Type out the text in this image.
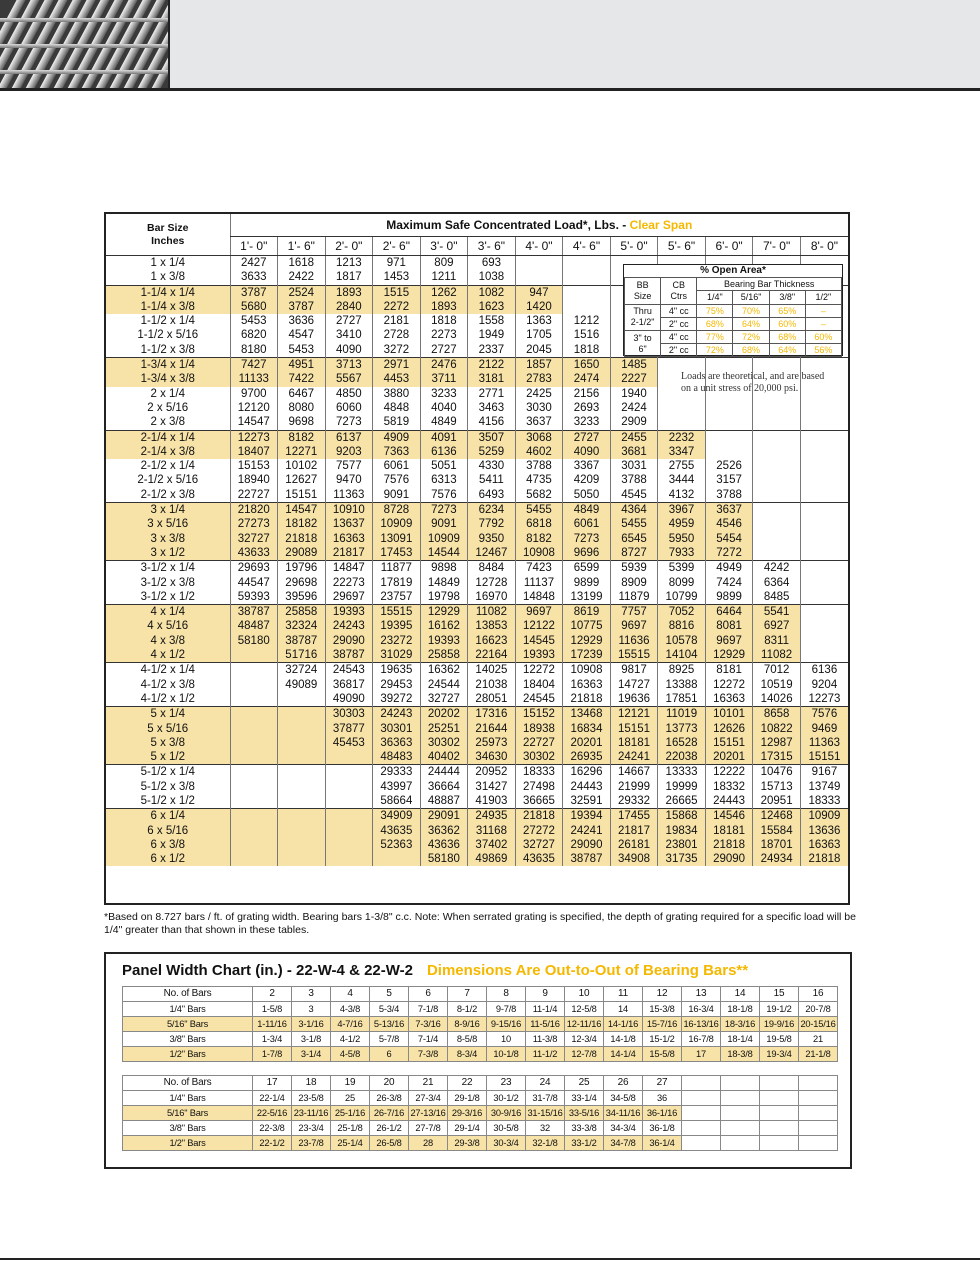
Bar Size
Inches	Maximum Safe Concentrated Load*, Lbs. - Clear Span												
	1'- 0"	1'- 6"	2'- 0"	2'- 6"	3'- 0"	3'- 6"	4'- 0"	4'- 6"	5'- 0"	5'- 6"	6'- 0"	7'- 0"	8'- 0"
1 x 1/4	2427	1618	1213	971	809	693							
1 x 3/8	3633	2422	1817	1453	1211	1038							
1-1/4 x 1/4	3787	2524	1893	1515	1262	1082	947						
1-1/4 x 3/8	5680	3787	2840	2272	1893	1623	1420						
1-1/2 x 1/4	5453	3636	2727	2181	1818	1558	1363	1212					
1-1/2 x 5/16	6820	4547	3410	2728	2273	1949	1705	1516					
1-1/2 x 3/8	8180	5453	4090	3272	2727	2337	2045	1818					
1-3/4 x 1/4	7427	4951	3713	2971	2476	2122	1857	1650	1485				
1-3/4 x 3/8	11133	7422	5567	4453	3711	3181	2783	2474	2227				
2 x 1/4	9700	6467	4850	3880	3233	2771	2425	2156	1940				
2 x 5/16	12120	8080	6060	4848	4040	3463	3030	2693	2424				
2 x 3/8	14547	9698	7273	5819	4849	4156	3637	3233	2909				
2-1/4 x 1/4	12273	8182	6137	4909	4091	3507	3068	2727	2455	2232			
2-1/4 x 3/8	18407	12271	9203	7363	6136	5259	4602	4090	3681	3347			
2-1/2 x 1/4	15153	10102	7577	6061	5051	4330	3788	3367	3031	2755	2526		
2-1/2 x 5/16	18940	12627	9470	7576	6313	5411	4735	4209	3788	3444	3157		
2-1/2 x 3/8	22727	15151	11363	9091	7576	6493	5682	5050	4545	4132	3788		
3 x 1/4	21820	14547	10910	8728	7273	6234	5455	4849	4364	3967	3637		
3 x 5/16	27273	18182	13637	10909	9091	7792	6818	6061	5455	4959	4546		
3 x 3/8	32727	21818	16363	13091	10909	9350	8182	7273	6545	5950	5454		
3 x 1/2	43633	29089	21817	17453	14544	12467	10908	9696	8727	7933	7272		
3-1/2 x 1/4	29693	19796	14847	11877	9898	8484	7423	6599	5939	5399	4949	4242	
3-1/2 x 3/8	44547	29698	22273	17819	14849	12728	11137	9899	8909	8099	7424	6364	
3-1/2 x 1/2	59393	39596	29697	23757	19798	16970	14848	13199	11879	10799	9899	8485	
4 x 1/4	38787	25858	19393	15515	12929	11082	9697	8619	7757	7052	6464	5541	
4 x 5/16	48487	32324	24243	19395	16162	13853	12122	10775	9697	8816	8081	6927	
4 x 3/8	58180	38787	29090	23272	19393	16623	14545	12929	11636	10578	9697	8311	
4 x 1/2		51716	38787	31029	25858	22164	19393	17239	15515	14104	12929	11082	
4-1/2 x 1/4		32724	24543	19635	16362	14025	12272	10908	9817	8925	8181	7012	6136
4-1/2 x 3/8		49089	36817	29453	24544	21038	18404	16363	14727	13388	12272	10519	9204
4-1/2 x 1/2			49090	39272	32727	28051	24545	21818	19636	17851	16363	14026	12273
5 x 1/4			30303	24243	20202	17316	15152	13468	12121	11019	10101	8658	7576
5 x 5/16			37877	30301	25251	21644	18938	16834	15151	13773	12626	10822	9469
5 x 3/8			45453	36363	30302	25973	22727	20201	18181	16528	15151	12987	11363
5 x 1/2				48483	40402	34630	30302	26935	24241	22038	20201	17315	15151
5-1/2 x 1/4				29333	24444	20952	18333	16296	14667	13333	12222	10476	9167
5-1/2 x 3/8				43997	36664	31427	27498	24443	21999	19999	18332	15713	13749
5-1/2 x 1/2				58664	48887	41903	36665	32591	29332	26665	24443	20951	18333
6 x 1/4				34909	29091	24935	21818	19394	17455	15868	14546	12468	10909
6 x 5/16				43635	36362	31168	27272	24241	21817	19834	18181	15584	13636
6 x 3/8				52363	43636	37402	32727	29090	26181	23801	21818	18701	16363
6 x 1/2					58180	49869	43635	38787	34908	31735	29090	24934	21818
% Open Area*					
BB
Size	CB
Ctrs	Bearing Bar Thickness			
		1/4"	5/16"	3/8"	1/2"
Thru
2-1/2"	4" cc	75%	70%	65%	–
	2" cc	68%	64%	60%	–
3" to
6"	4" cc	77%	72%	68%	60%
	2" cc	72%	68%	64%	56%
Loads are theoretical, and are based on a unit stress of 20,000 psi.
*Based on 8.727 bars / ft. of grating width. Bearing bars 1-3/8" c.c. Note: When serrated grating is specified, the depth of grating required for a specific load will be 1/4" greater than that shown in these tables.
Panel Width Chart (in.) - 22-W-4 & 22-W-2 Dimensions Are Out-to-Out of Bearing Bars**
No. of Bars	2	3	4	5	6	7	8	9	10	11	12	13	14	15	16
1/4" Bars	1-5/8	3	4-3/8	5-3/4	7-1/8	8-1/2	9-7/8	11-1/4	12-5/8	14	15-3/8	16-3/4	18-1/8	19-1/2	20-7/8
5/16" Bars	1-11/16	3-1/16	4-7/16	5-13/16	7-3/16	8-9/16	9-15/16	11-5/16	12-11/16	14-1/16	15-7/16	16-13/16	18-3/16	19-9/16	20-15/16
3/8" Bars	1-3/4	3-1/8	4-1/2	5-7/8	7-1/4	8-5/8	10	11-3/8	12-3/4	14-1/8	15-1/2	16-7/8	18-1/4	19-5/8	21
1/2" Bars	1-7/8	3-1/4	4-5/8	6	7-3/8	8-3/4	10-1/8	11-1/2	12-7/8	14-1/4	15-5/8	17	18-3/8	19-3/4	21-1/8
No. of Bars	17	18	19	20	21	22	23	24	25	26	27				
1/4" Bars	22-1/4	23-5/8	25	26-3/8	27-3/4	29-1/8	30-1/2	31-7/8	33-1/4	34-5/8	36				
5/16" Bars	22-5/16	23-11/16	25-1/16	26-7/16	27-13/16	29-3/16	30-9/16	31-15/16	33-5/16	34-11/16	36-1/16				
3/8" Bars	22-3/8	23-3/4	25-1/8	26-1/2	27-7/8	29-1/4	30-5/8	32	33-3/8	34-3/4	36-1/8				
1/2" Bars	22-1/2	23-7/8	25-1/4	26-5/8	28	29-3/8	30-3/4	32-1/8	33-1/2	34-7/8	36-1/4				
